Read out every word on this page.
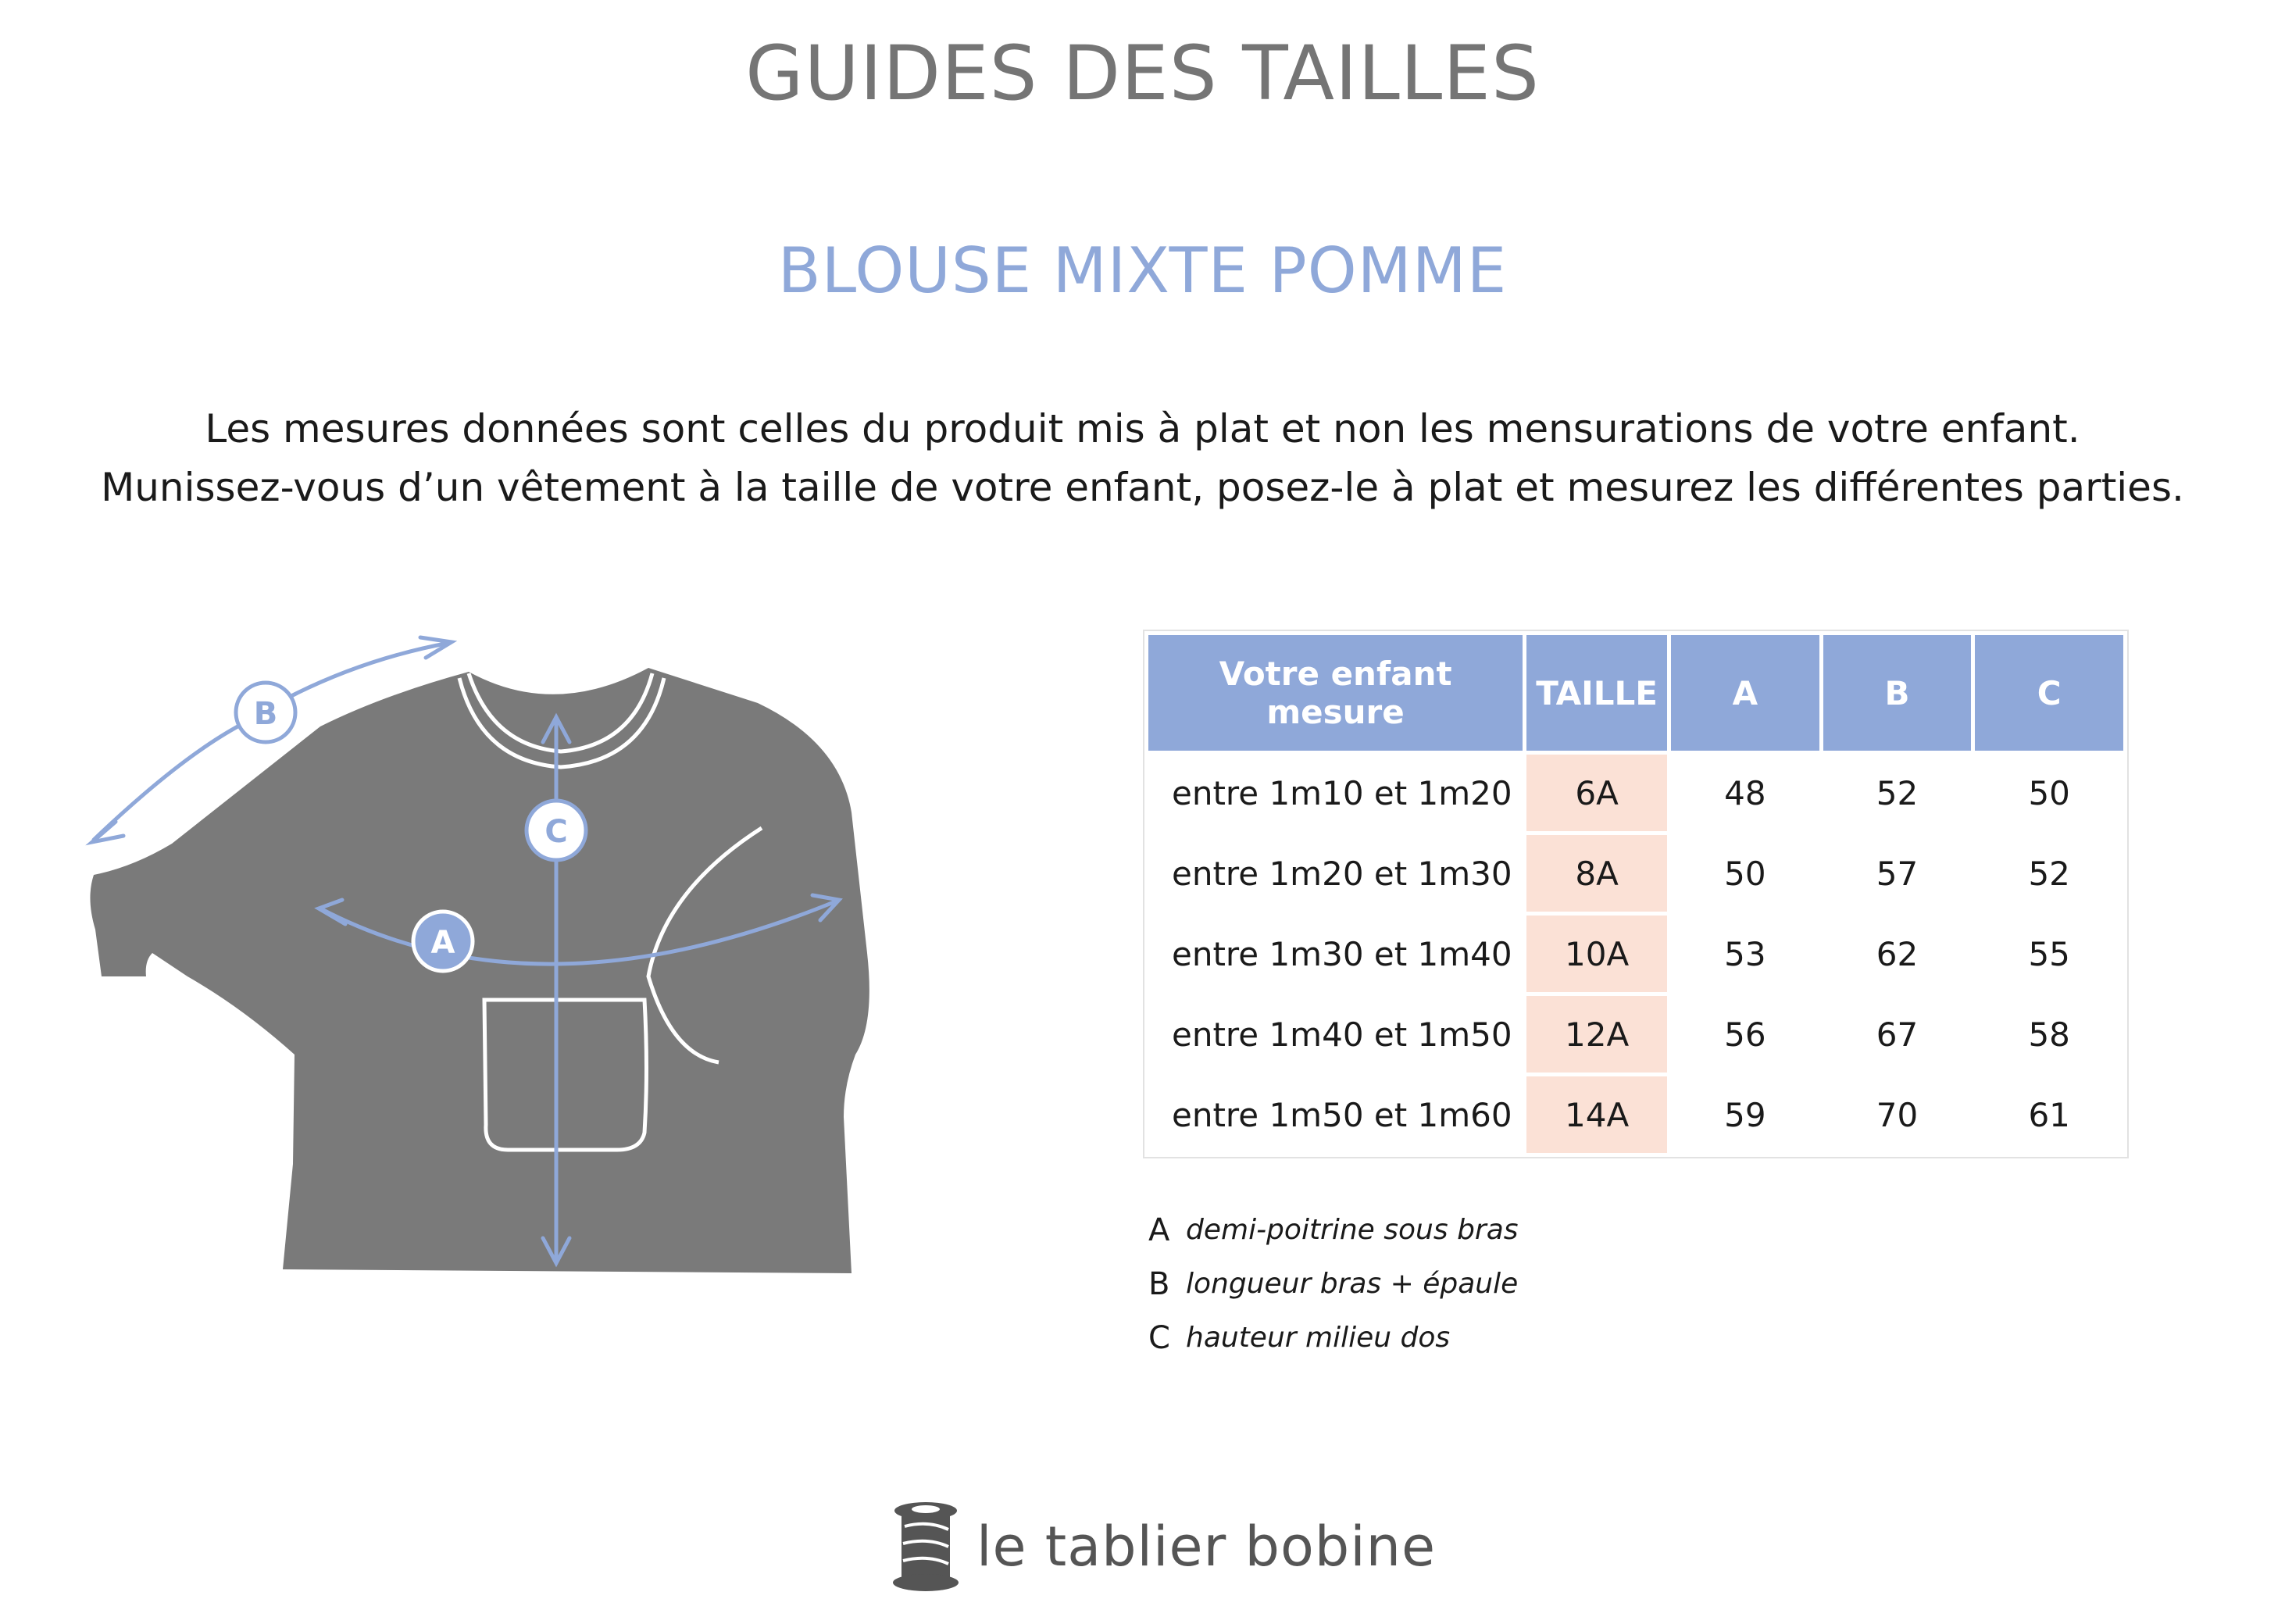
GUIDES DES TAILLES
BLOUSE MIXTE POMME
Les mesures données sont celles du produit mis à plat et non les mensurations de votre enfant.
Munissez-vous d’un vêtement à la taille de votre enfant, posez-le à plat et mesurez les différentes parties.
B
C
A
Votre enfant mesure	TAILLE	A	B	C
entre 1m10 et 1m20	6A	48	52	50
entre 1m20 et 1m30	8A	50	57	52
entre 1m30 et 1m40	10A	53	62	55
entre 1m40 et 1m50	12A	56	67	58
entre 1m50 et 1m60	14A	59	70	61
A demi-poitrine sous bras
B longueur bras + épaule
C hauteur milieu dos
le tablier bobine
